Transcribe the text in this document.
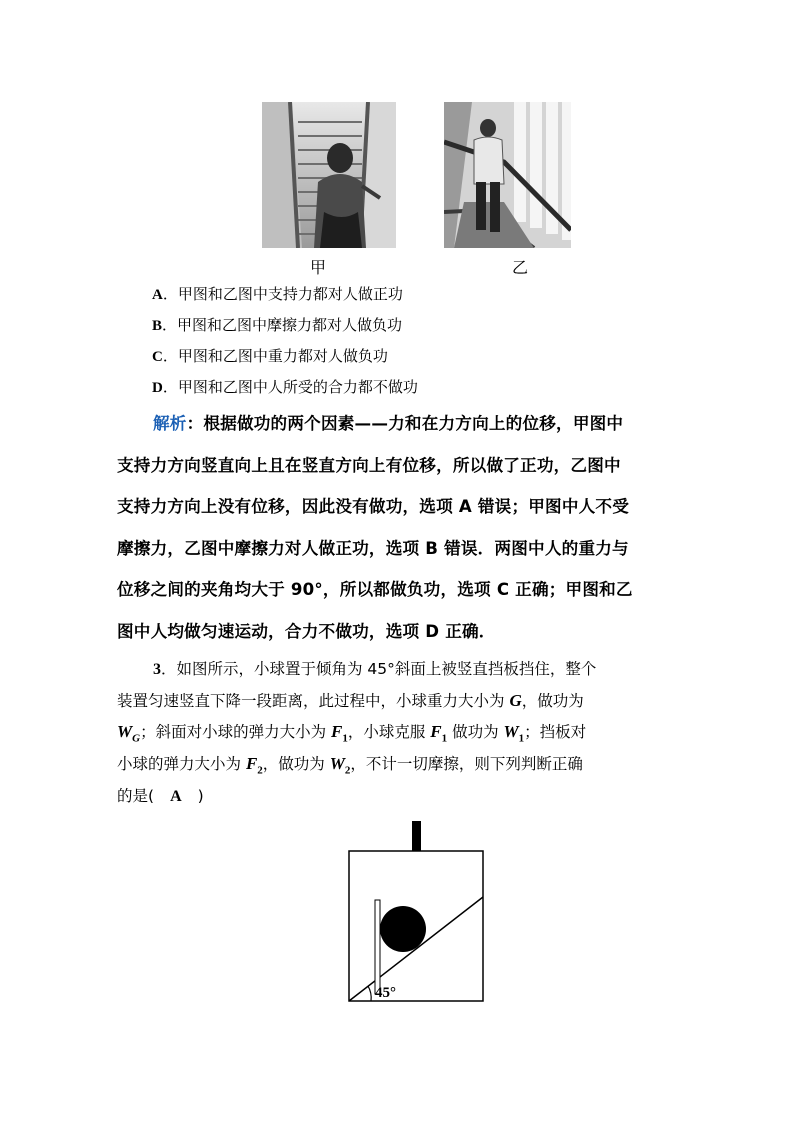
甲	乙
A．甲图和乙图中支持力都对人做正功
B．甲图和乙图中摩擦力都对人做负功
C．甲图和乙图中重力都对人做负功
D．甲图和乙图中人所受的合力都不做功
解析：根据做功的两个因素——力和在力方向上的位移，甲图中
支持力方向竖直向上且在竖直方向上有位移，所以做了正功，乙图中
支持力方向上没有位移，因此没有做功，选项 A 错误；甲图中人不受
摩擦力，乙图中摩擦力对人做正功，选项 B 错误．两图中人的重力与
位移之间的夹角均大于 90°，所以都做负功，选项 C 正确；甲图和乙
图中人均做匀速运动，合力不做功，选项 D 正确．
3．如图所示，小球置于倾角为 45°斜面上被竖直挡板挡住，整个
装置匀速竖直下降一段距离，此过程中，小球重力大小为 G，做功为
$W_G$；斜面对小球的弹力大小为 $F_1$，小球克服 $F_1$ 做功为 $W_1$；挡板对
小球的弹力大小为 $F_2$，做功为 $W_2$，不计一切摩擦，则下列判断正确
的是( A )
45°
